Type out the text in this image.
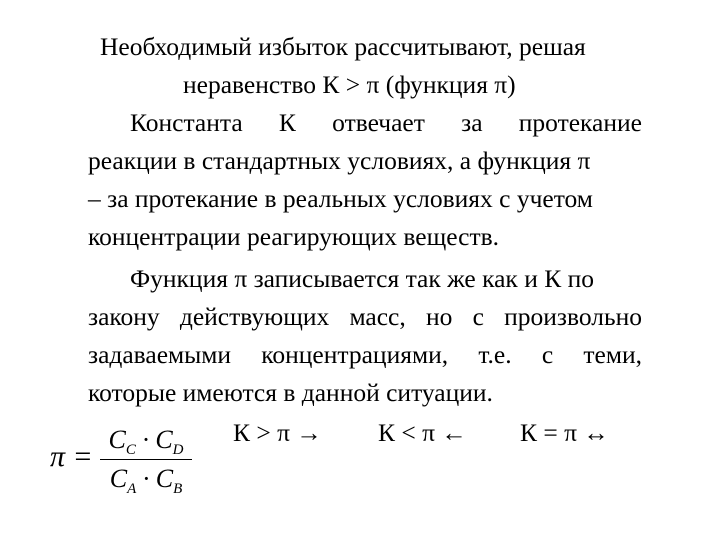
Необходимый избыток рассчитывают, решая
неравенство К > π (функция π)
Константа К отвечает за протекание
реакции в стандартных условиях, а функция π
– за протекание в реальных условиях с учетом
концентрации реагирующих веществ.
Функция π записывается так же как и К по
закону действующих масс, но с произвольно
задаваемыми концентрациями, т.е. с теми,
которые имеются в данной ситуации.
К > π → К < π ← К = π ↔
π =
$C_C \cdot C_D$
$C_A \cdot C_B$
